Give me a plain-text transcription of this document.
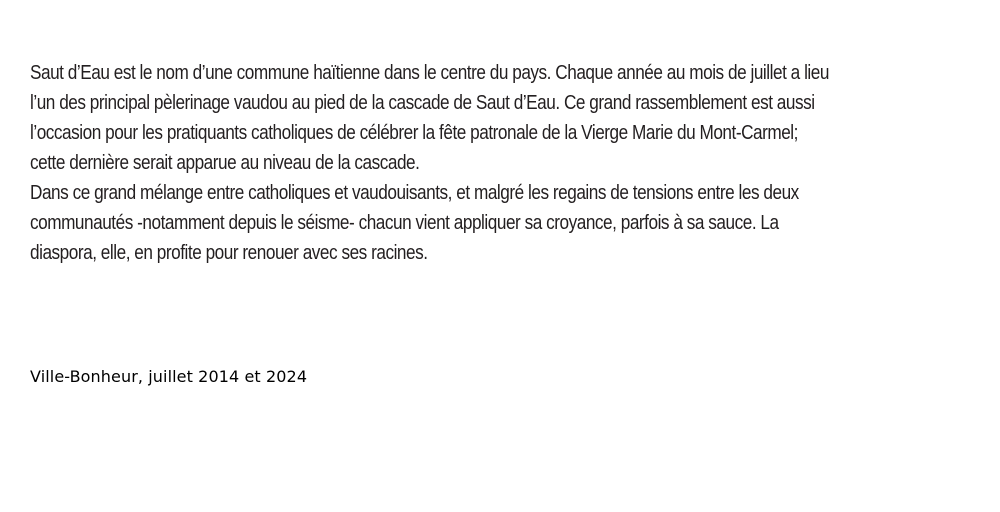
Saut d’Eau est le nom d’une commune haïtienne dans le centre du pays. Chaque année au mois de juillet a lieu l’un des principal pèlerinage vaudou au pied de la cascade de Saut d’Eau. Ce grand rassemblement est aussi l’occasion pour les pratiquants catholiques de célébrer la fête patronale de la Vierge Marie du Mont-Carmel; cette dernière serait apparue au niveau de la cascade.

Dans ce grand mélange entre catholiques et vaudouisants, et malgré les regains de tensions entre les deux communautés -notamment depuis le séisme- chacun vient appliquer sa croyance, parfois à sa sauce. La diaspora, elle, en profite pour renouer avec ses racines.

Ville-Bonheur, juillet 2014 et 2024
